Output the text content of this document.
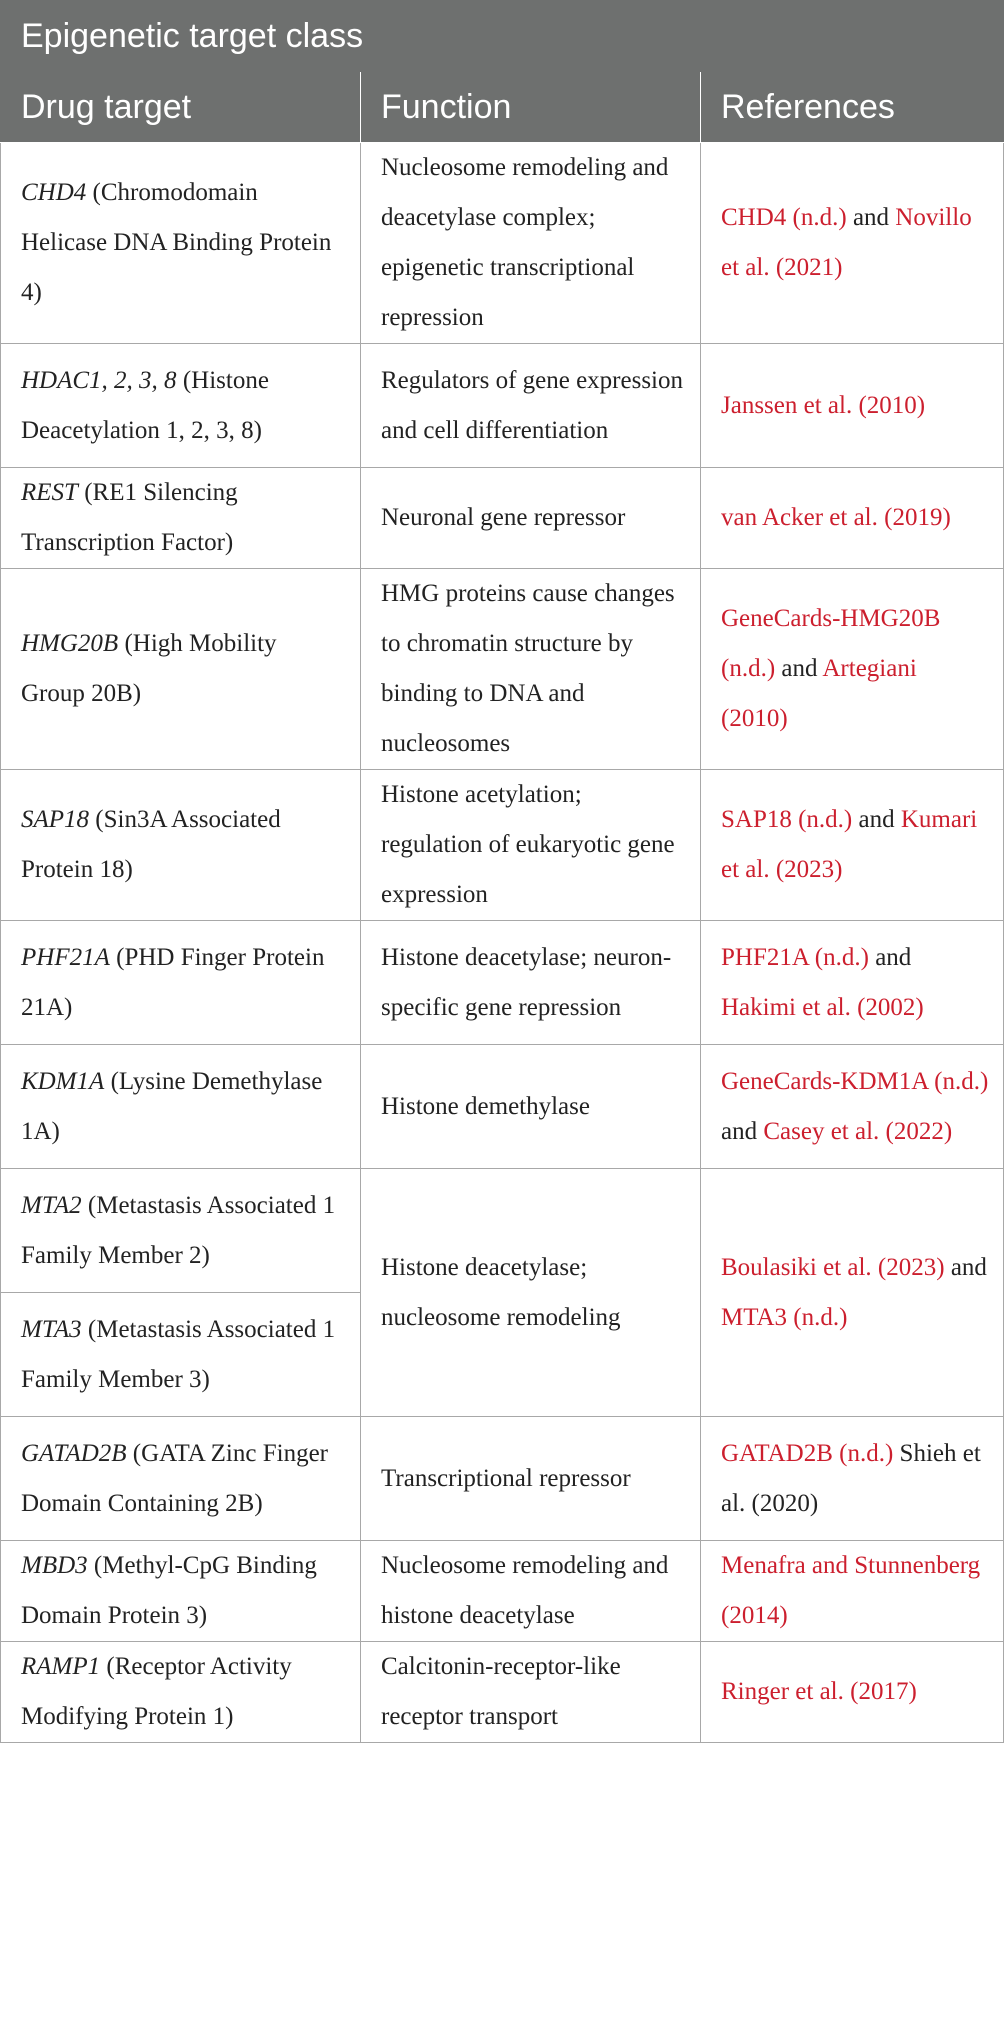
Epigenetic target class		
Drug target	Function	References
CHD4 (Chromodomain Helicase DNA Binding Protein 4)	Nucleosome remodeling and deacetylase complex; epigenetic transcriptional repression	CHD4 (n.d.) and Novillo et al. (2021)
HDAC1, 2, 3, 8 (Histone Deacetylation 1, 2, 3, 8)	Regulators of gene expression and cell differentiation	Janssen et al. (2010)
REST (RE1 Silencing Transcription Factor)	Neuronal gene repressor	van Acker et al. (2019)
HMG20B (High Mobility Group 20B)	HMG proteins cause changes to chromatin structure by binding to DNA and nucleosomes	GeneCards-HMG20B (n.d.) and Artegiani (2010)
SAP18 (Sin3A Associated Protein 18)	Histone acetylation; regulation of eukaryotic gene expression	SAP18 (n.d.) and Kumari et al. (2023)
PHF21A (PHD Finger Protein 21A)	Histone deacetylase; neuron-specific gene repression	PHF21A (n.d.) and Hakimi et al. (2002)
KDM1A (Lysine Demethylase 1A)	Histone demethylase	GeneCards-KDM1A (n.d.) and Casey et al. (2022)
MTA2 (Metastasis Associated 1 Family Member 2)	Histone deacetylase; nucleosome remodeling	Boulasiki et al. (2023) and MTA3 (n.d.)
MTA3 (Metastasis Associated 1 Family Member 3)		
GATAD2B (GATA Zinc Finger Domain Containing 2B)	Transcriptional repressor	GATAD2B (n.d.) Shieh et al. (2020)
MBD3 (Methyl-CpG Binding Domain Protein 3)	Nucleosome remodeling and histone deacetylase	Menafra and Stunnenberg (2014)
RAMP1 (Receptor Activity Modifying Protein 1)	Calcitonin-receptor-like receptor transport	Ringer et al. (2017)
